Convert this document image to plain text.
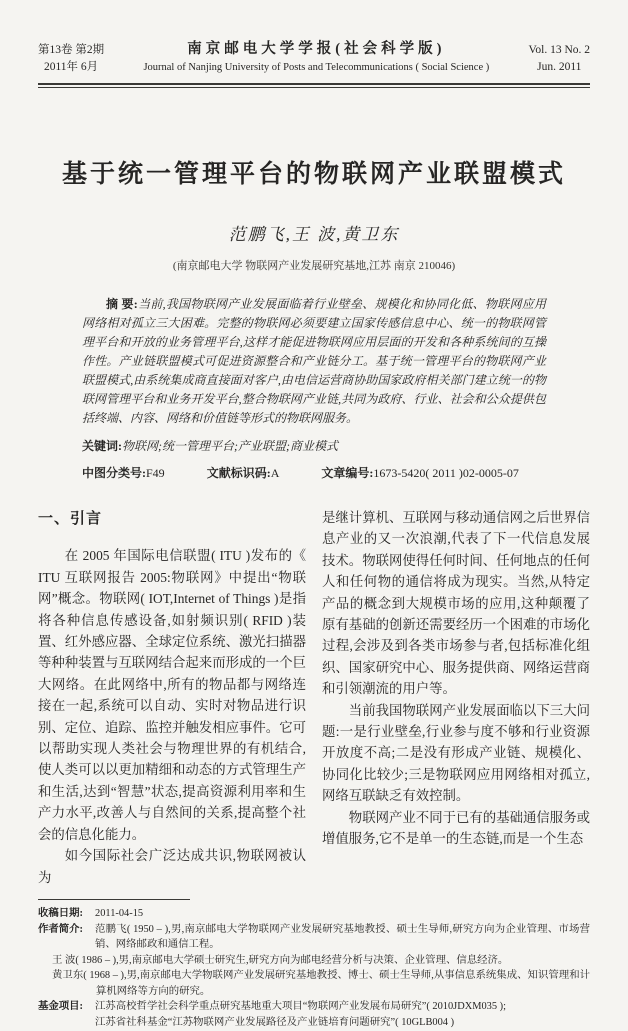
第13卷 第2期
2011年 6月
南京邮电大学学报(社会科学版)
Journal of Nanjing University of Posts and Telecommunications ( Social Science )
Vol. 13 No. 2
Jun. 2011
基于统一管理平台的物联网产业联盟模式
范鹏飞,王 波,黄卫东
(南京邮电大学 物联网产业发展研究基地,江苏 南京 210046)
摘 要:当前,我国物联网产业发展面临着行业壁垒、规模化和协同化低、物联网应用网络相对孤立三大困难。完整的物联网必须要建立国家传感信息中心、统一的物联网管理平台和开放的业务管理平台,这样才能促进物联网应用层面的开发和各种系统间的互操作性。产业链联盟模式可促进资源整合和产业链分工。基于统一管理平台的物联网产业联盟模式,由系统集成商直接面对客户,由电信运营商协助国家政府相关部门建立统一的物联网管理平台和业务开发平台,整合物联网产业链,共同为政府、行业、社会和公众提供包括终端、内容、网络和价值链等形式的物联网服务。
关键词:物联网;统一管理平台;产业联盟;商业模式
中图分类号:F49	文献标识码:A	文章编号:1673-5420( 2011 )02-0005-07
一、引言
在 2005 年国际电信联盟( ITU )发布的《 ITU 互联网报告 2005:物联网》中提出“物联网”概念。物联网( IOT,Internet of Things )是指将各种信息传感设备,如射频识别( RFID )装置、红外感应器、全球定位系统、激光扫描器等种种装置与互联网结合起来而形成的一个巨大网络。在此网络中,所有的物品都与网络连接在一起,系统可以自动、实时对物品进行识别、定位、追踪、监控并触发相应事件。它可以帮助实现人类社会与物理世界的有机结合,使人类可以以更加精细和动态的方式管理生产和生活,达到“智慧”状态,提高资源利用率和生产力水平,改善人与自然间的关系,提高整个社会的信息化能力。
如今国际社会广泛达成共识,物联网被认为
是继计算机、互联网与移动通信网之后世界信息产业的又一次浪潮,代表了下一代信息发展技术。物联网使得任何时间、任何地点的任何人和任何物的通信将成为现实。当然,从特定产品的概念到大规模市场的应用,这种颠覆了原有基础的创新还需要经历一个困难的市场化过程,会涉及到各类市场参与者,包括标准化组织、国家研究中心、服务提供商、网络运营商和引领潮流的用户等。
当前我国物联网产业发展面临以下三大问题:一是行业壁垒,行业参与度不够和行业资源开放度不高;二是没有形成产业链、规模化、协同化比较少;三是物联网应用网络相对孤立,网络互联缺乏有效控制。
物联网产业不同于已有的基础通信服务或增值服务,它不是单一的生态链,而是一个生态
收稿日期:	2011-04-15
作者简介:	范鹏飞( 1950 – ),男,南京邮电大学物联网产业发展研究基地教授、硕士生导师,研究方向为企业管理、市场营销、网络邮政和通信工程。
王 波( 1986 – ),男,南京邮电大学硕士研究生,研究方向为邮电经营分析与决策、企业管理、信息经济。
黄卫东( 1968 – ),男,南京邮电大学物联网产业发展研究基地教授、博士、硕士生导师,从事信息系统集成、知识管理和计算机网络等方向的研究。
基金项目:	江苏高校哲学社会科学重点研究基地重大项目“物联网产业发展布局研究”( 2010JDXM035 );
江苏省社科基金“江苏物联网产业发展路径及产业链培育问题研究”( 10GLB004 )
